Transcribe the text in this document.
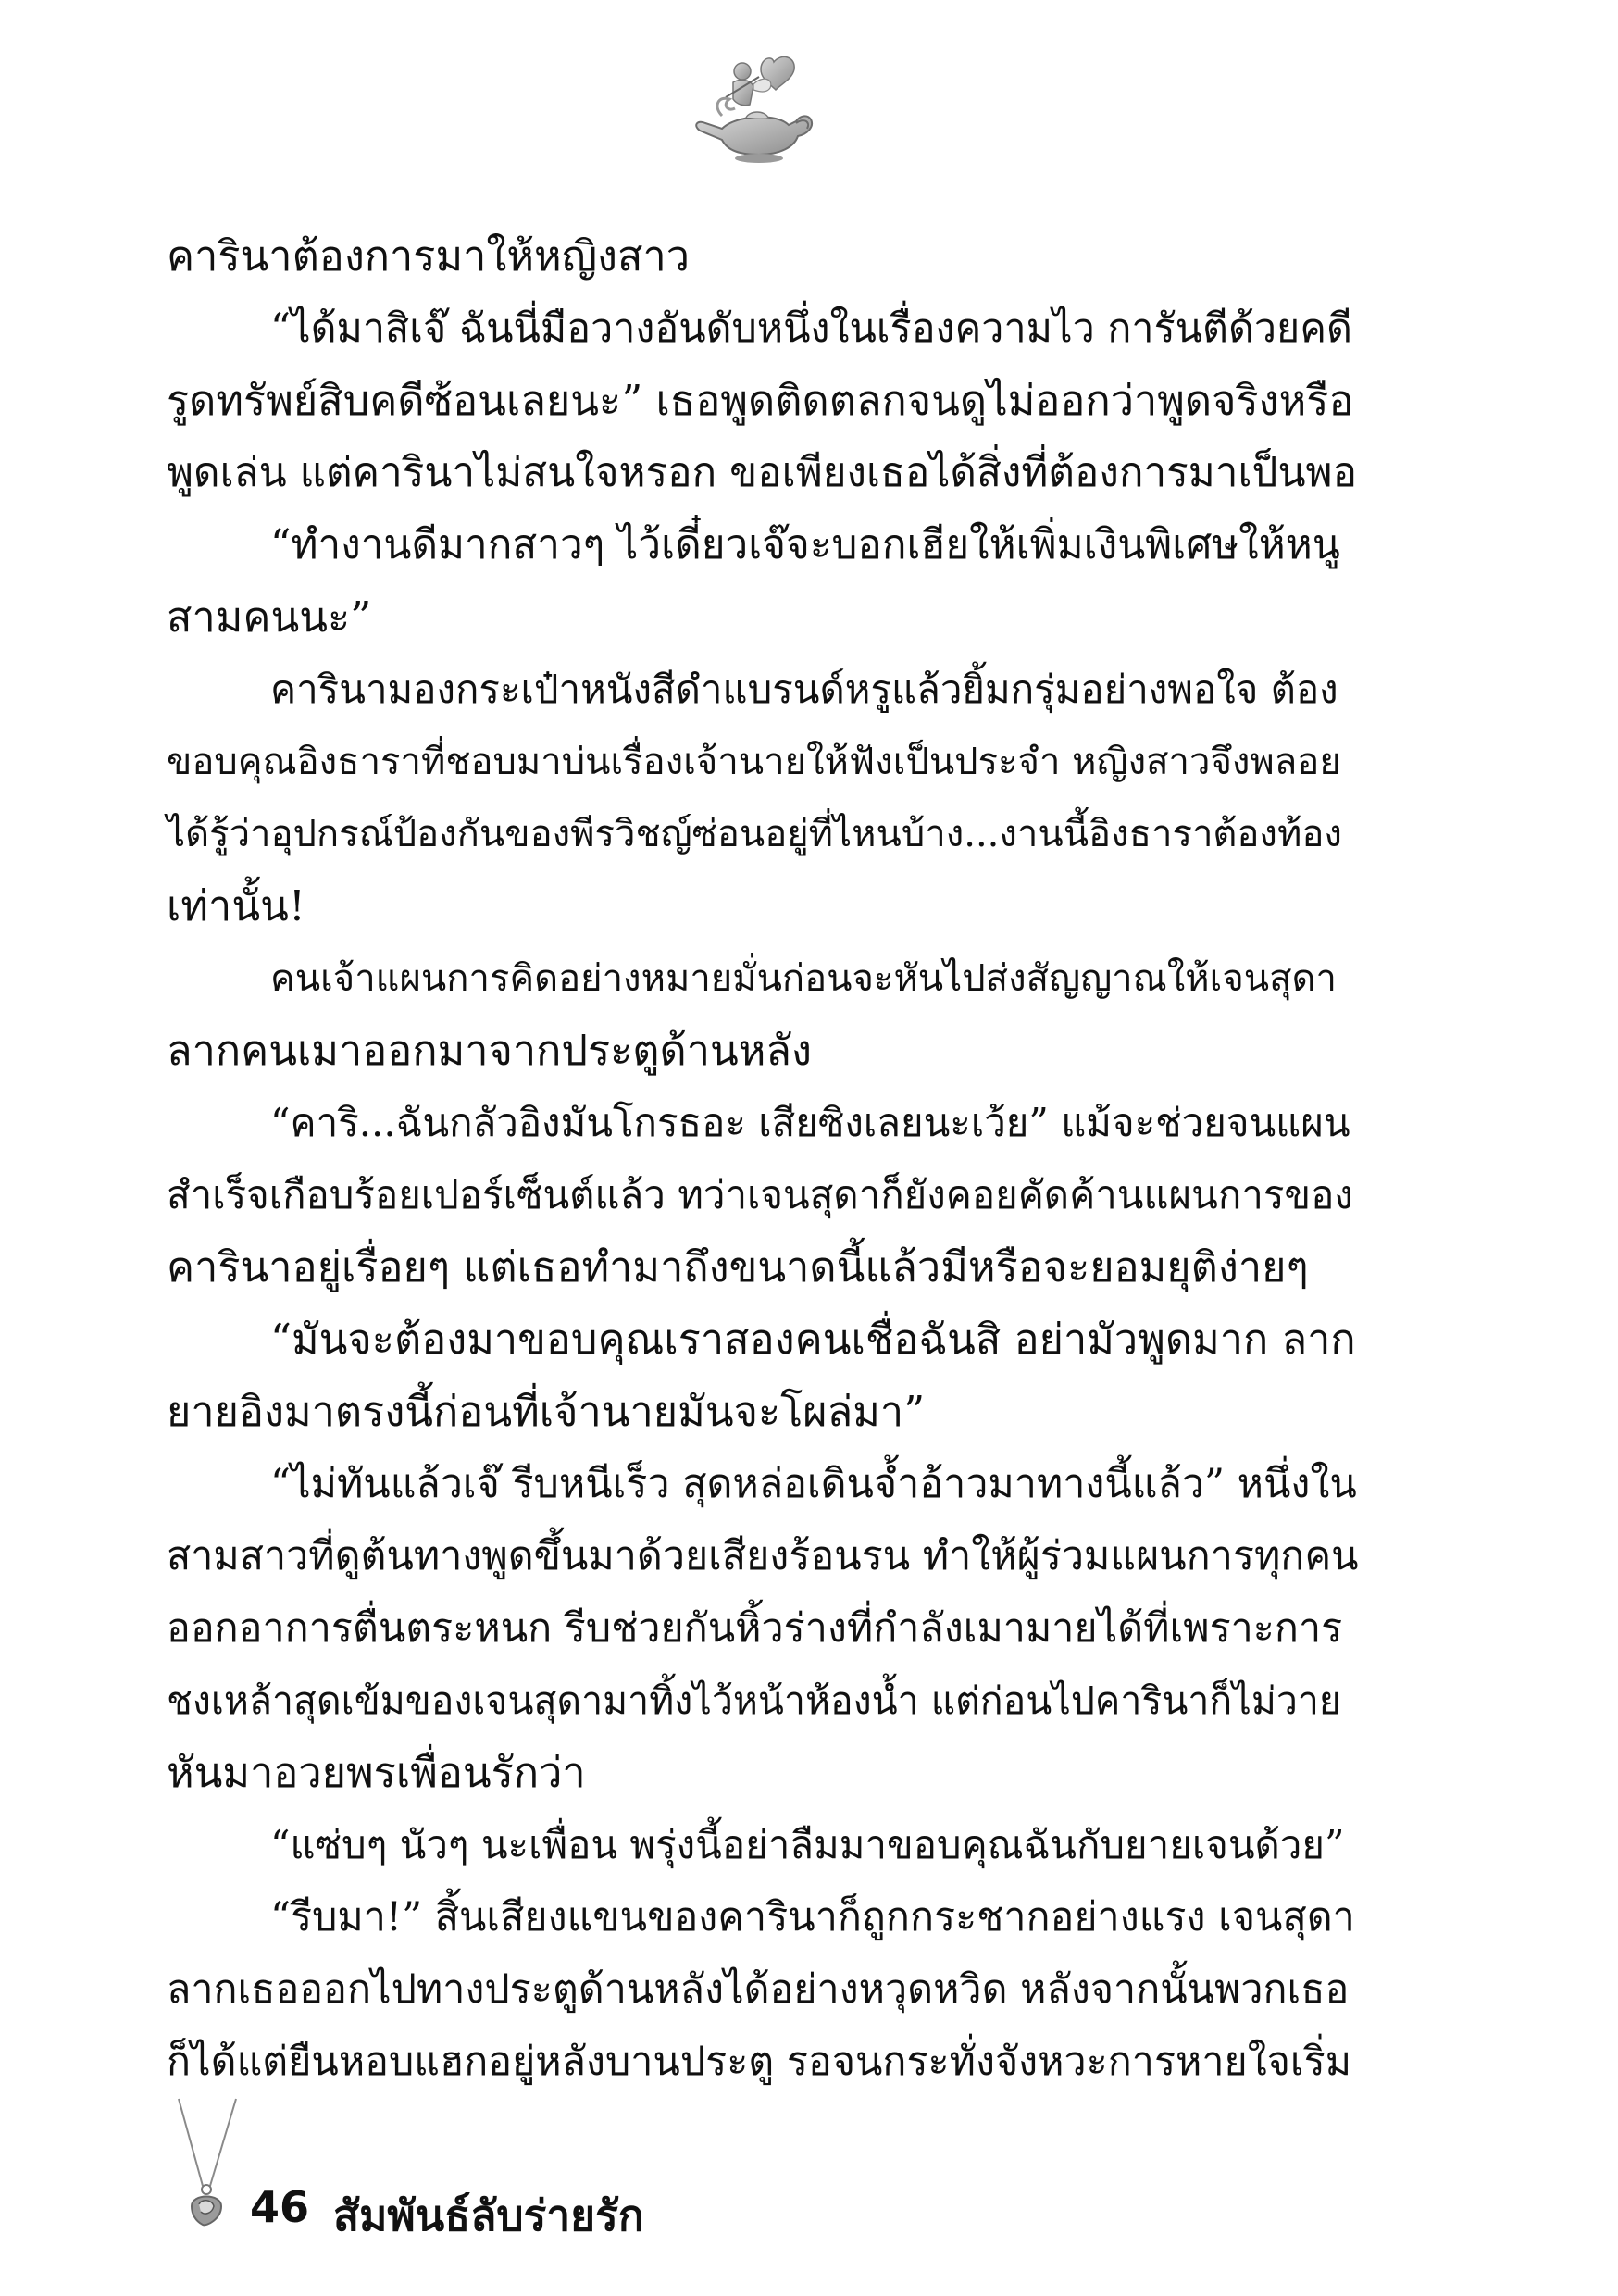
คารินาต้องการมาให้หญิงสาว

“ได้มาสิเจ๊ ฉันนี่มือวางอันดับหนึ่งในเรื่องความไว การันตีด้วยคดี

รูดทรัพย์สิบคดีซ้อนเลยนะ” เธอพูดติดตลกจนดูไม่ออกว่าพูดจริงหรือ

พูดเล่น แต่คารินาไม่สนใจหรอก ขอเพียงเธอได้สิ่งที่ต้องการมาเป็นพอ

“ทำงานดีมากสาวๆ ไว้เดี๋ยวเจ๊จะบอกเฮียให้เพิ่มเงินพิเศษให้หนู

สามคนนะ”

คารินามองกระเป๋าหนังสีดำแบรนด์หรูแล้วยิ้มกรุ่มอย่างพอใจ ต้อง

ขอบคุณอิงธาราที่ชอบมาบ่นเรื่องเจ้านายให้ฟังเป็นประจำ หญิงสาวจึงพลอย

ได้รู้ว่าอุปกรณ์ป้องกันของพีรวิชญ์ซ่อนอยู่ที่ไหนบ้าง...งานนี้อิงธาราต้องท้อง

เท่านั้น!

คนเจ้าแผนการคิดอย่างหมายมั่นก่อนจะหันไปส่งสัญญาณให้เจนสุดา

ลากคนเมาออกมาจากประตูด้านหลัง

“คาริ...ฉันกลัวอิงมันโกรธอะ เสียซิงเลยนะเว้ย” แม้จะช่วยจนแผน

สำเร็จเกือบร้อยเปอร์เซ็นต์แล้ว ทว่าเจนสุดาก็ยังคอยคัดค้านแผนการของ

คารินาอยู่เรื่อยๆ แต่เธอทำมาถึงขนาดนี้แล้วมีหรือจะยอมยุติง่ายๆ

“มันจะต้องมาขอบคุณเราสองคนเชื่อฉันสิ อย่ามัวพูดมาก ลาก

ยายอิงมาตรงนี้ก่อนที่เจ้านายมันจะโผล่มา”

“ไม่ทันแล้วเจ๊ รีบหนีเร็ว สุดหล่อเดินจ้ำอ้าวมาทางนี้แล้ว” หนึ่งใน

สามสาวที่ดูต้นทางพูดขึ้นมาด้วยเสียงร้อนรน ทำให้ผู้ร่วมแผนการทุกคน

ออกอาการตื่นตระหนก รีบช่วยกันหิ้วร่างที่กำลังเมามายได้ที่เพราะการ

ชงเหล้าสุดเข้มของเจนสุดามาทิ้งไว้หน้าห้องน้ำ แต่ก่อนไปคารินาก็ไม่วาย

หันมาอวยพรเพื่อนรักว่า

“แซ่บๆ นัวๆ นะเพื่อน พรุ่งนี้อย่าลืมมาขอบคุณฉันกับยายเจนด้วย”

“รีบมา!” สิ้นเสียงแขนของคารินาก็ถูกกระชากอย่างแรง เจนสุดา

ลากเธอออกไปทางประตูด้านหลังได้อย่างหวุดหวิด หลังจากนั้นพวกเธอ

ก็ได้แต่ยืนหอบแฮกอยู่หลังบานประตู รอจนกระทั่งจังหวะการหายใจเริ่ม

46 สัมพันธ์ลับร่ายรัก
